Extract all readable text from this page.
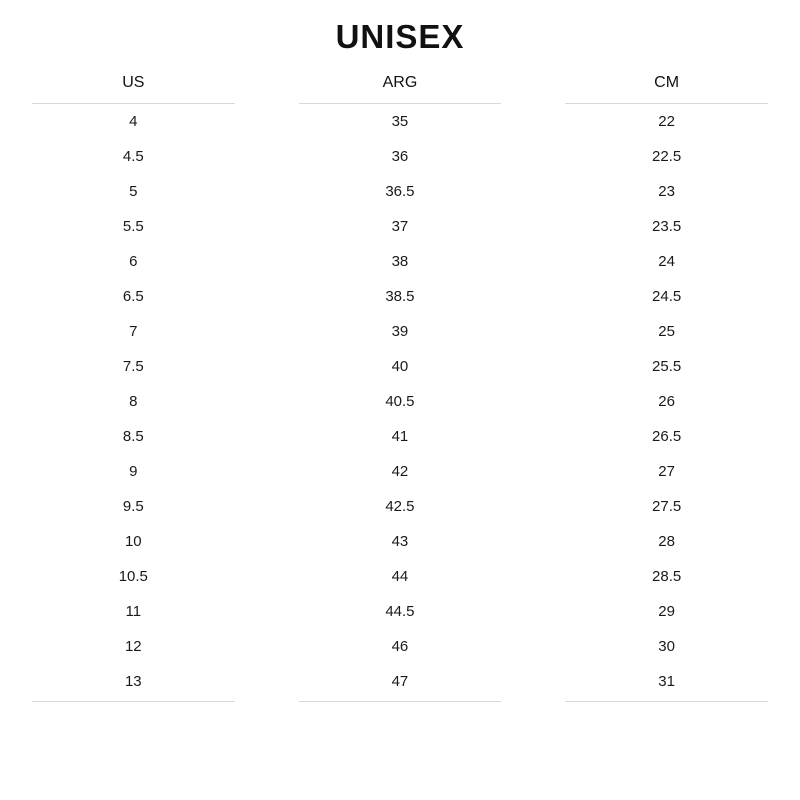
UNISEX
US	ARG	CM

4	35	22
4.5	36	22.5
5	36.5	23
5.5	37	23.5
6	38	24
6.5	38.5	24.5
7	39	25
7.5	40	25.5
8	40.5	26
8.5	41	26.5
9	42	27
9.5	42.5	27.5
10	43	28
10.5	44	28.5
11	44.5	29
12	46	30
13	47	31
